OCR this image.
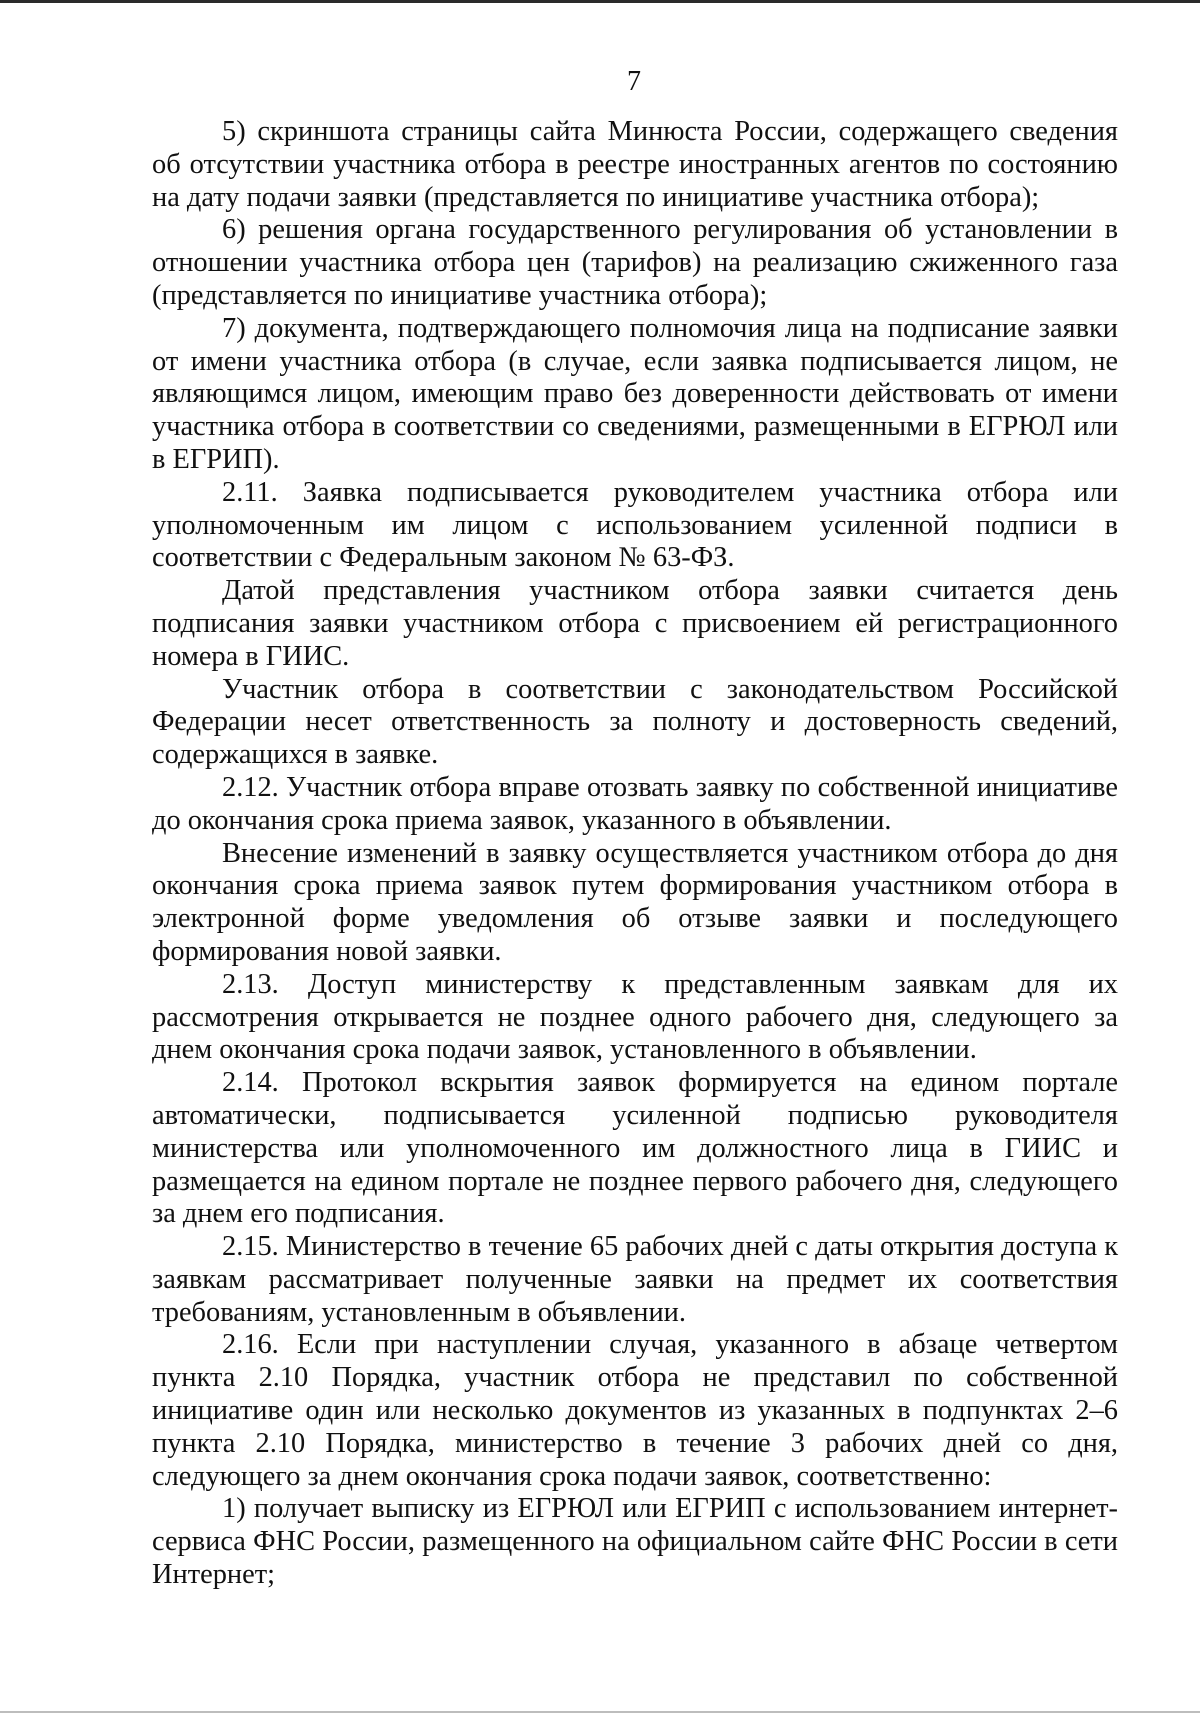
7

5) скриншота страницы сайта Минюста России, содержащего сведения об отсутствии участника отбора в реестре иностранных агентов по состоянию на дату подачи заявки (представляется по инициативе участника отбора);

6) решения органа государственного регулирования об установлении в отношении участника отбора цен (тарифов) на реализацию сжиженного газа (представляется по инициативе участника отбора);

7) документа, подтверждающего полномочия лица на подписание заявки от имени участника отбора (в случае, если заявка подписывается лицом, не являющимся лицом, имеющим право без доверенности действовать от имени участника отбора в соответствии со сведениями, размещенными в ЕГРЮЛ или в ЕГРИП).

2.11. Заявка подписывается руководителем участника отбора или уполномоченным им лицом с использованием усиленной подписи в соответствии с Федеральным законом № 63-ФЗ.

Датой представления участником отбора заявки считается день подписания заявки участником отбора с присвоением ей регистрационного номера в ГИИС.

Участник отбора в соответствии с законодательством Российской Федерации несет ответственность за полноту и достоверность сведений, содержащихся в заявке.

2.12. Участник отбора вправе отозвать заявку по собственной инициативе до окончания срока приема заявок, указанного в объявлении.

Внесение изменений в заявку осуществляется участником отбора до дня окончания срока приема заявок путем формирования участником отбора в электронной форме уведомления об отзыве заявки и последующего формирования новой заявки.

2.13. Доступ министерству к представленным заявкам для их рассмотрения открывается не позднее одного рабочего дня, следующего за днем окончания срока подачи заявок, установленного в объявлении.

2.14. Протокол вскрытия заявок формируется на едином портале автоматически, подписывается усиленной подписью руководителя министерства или уполномоченного им должностного лица в ГИИС и размещается на едином портале не позднее первого рабочего дня, следующего за днем его подписания.

2.15. Министерство в течение 65 рабочих дней с даты открытия доступа к заявкам рассматривает полученные заявки на предмет их соответствия требованиям, установленным в объявлении.

2.16. Если при наступлении случая, указанного в абзаце четвертом пункта 2.10 Порядка, участник отбора не представил по собственной инициативе один или несколько документов из указанных в подпунктах 2–6 пункта 2.10 Порядка, министерство в течение 3 рабочих дней со дня, следующего за днем окончания срока подачи заявок, соответственно:

1) получает выписку из ЕГРЮЛ или ЕГРИП с использованием интернет-сервиса ФНС России, размещенного на официальном сайте ФНС России в сети Интернет;
